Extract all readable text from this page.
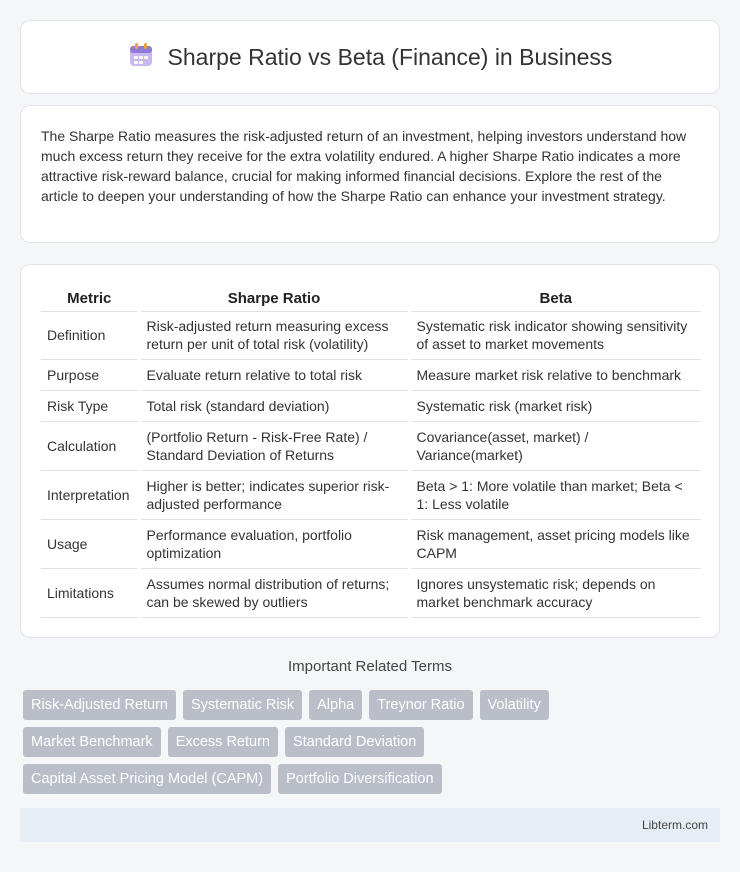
Sharpe Ratio vs Beta (Finance) in Business

The Sharpe Ratio measures the risk-adjusted return of an investment, helping investors understand how much excess return they receive for the extra volatility endured. A higher Sharpe Ratio indicates a more attractive risk-reward balance, crucial for making informed financial decisions. Explore the rest of the article to deepen your understanding of how the Sharpe Ratio can enhance your investment strategy.

Metric	Sharpe Ratio	Beta
Definition	Risk-adjusted return measuring excess return per unit of total risk (volatility)	Systematic risk indicator showing sensitivity of asset to market movements
Purpose	Evaluate return relative to total risk	Measure market risk relative to benchmark
Risk Type	Total risk (standard deviation)	Systematic risk (market risk)
Calculation	(Portfolio Return - Risk-Free Rate) / Standard Deviation of Returns	Covariance(asset, market) / Variance(market)
Interpretation	Higher is better; indicates superior risk-adjusted performance	Beta > 1: More volatile than market; Beta < 1: Less volatile
Usage	Performance evaluation, portfolio optimization	Risk management, asset pricing models like CAPM
Limitations	Assumes normal distribution of returns; can be skewed by outliers	Ignores unsystematic risk; depends on market benchmark accuracy
Important Related Terms
Risk-Adjusted Return	Systematic Risk	Alpha	Treynor Ratio	Volatility
Market Benchmark	Excess Return	Standard Deviation
Capital Asset Pricing Model (CAPM)	Portfolio Diversification
Libterm.com
